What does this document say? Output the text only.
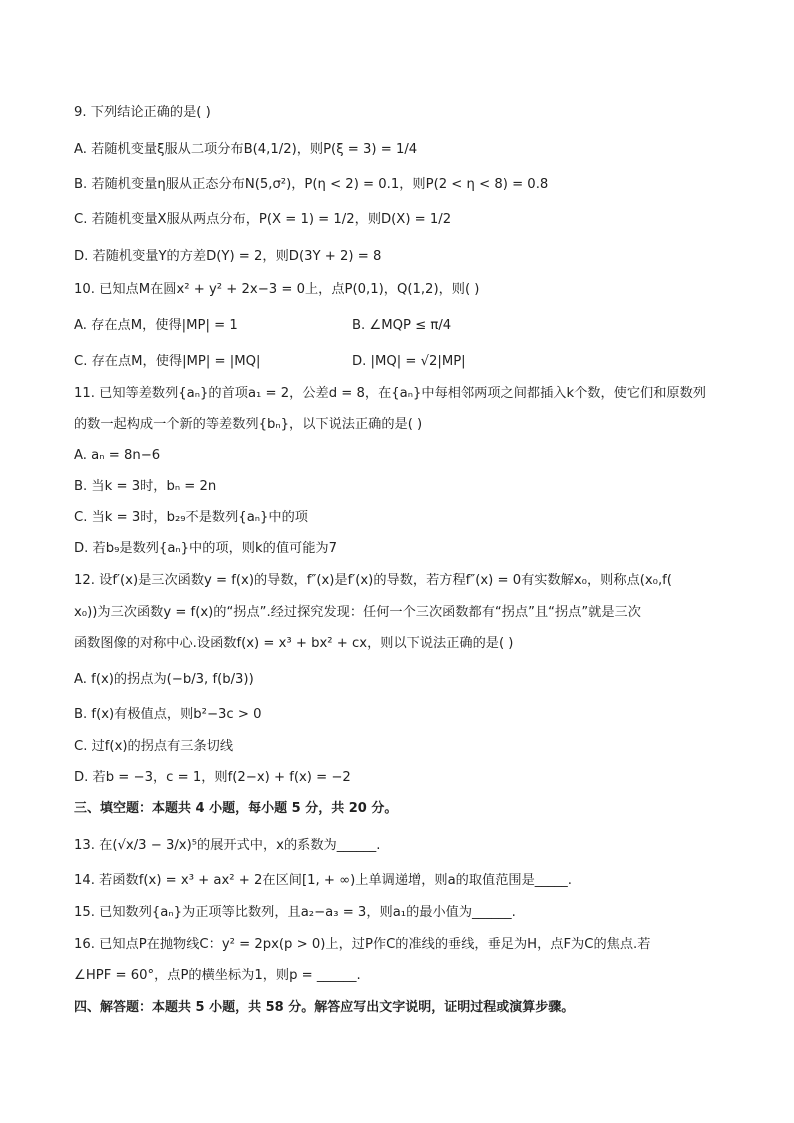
9. 下列结论正确的是( )
A. 若随机变量ξ服从二项分布B(4,1/2)，则P(ξ = 3) = 1/4
B. 若随机变量η服从正态分布N(5,σ²)，P(η < 2) = 0.1，则P(2 < η < 8) = 0.8
C. 若随机变量X服从两点分布，P(X = 1) = 1/2，则D(X) = 1/2
D. 若随机变量Y的方差D(Y) = 2，则D(3Y + 2) = 8
10. 已知点M在圆x² + y² + 2x−3 = 0上，点P(0,1)，Q(1,2)，则( )
A. 存在点M，使得|MP| = 1	B. ∠MQP ≤ π/4
C. 存在点M，使得|MP| = |MQ|	D. |MQ| = √2|MP|
11. 已知等差数列{aₙ}的首项a₁ = 2，公差d = 8，在{aₙ}中每相邻两项之间都插入k个数，使它们和原数列
的数一起构成一个新的等差数列{bₙ}，以下说法正确的是( )
A. aₙ = 8n−6
B. 当k = 3时，bₙ = 2n
C. 当k = 3时，b₂₉不是数列{aₙ}中的项
D. 若b₉是数列{aₙ}中的项，则k的值可能为7
12. 设f′(x)是三次函数y = f(x)的导数，f″(x)是f′(x)的导数，若方程f″(x) = 0有实数解x₀，则称点(x₀,f(
x₀))为三次函数y = f(x)的“拐点”.经过探究发现：任何一个三次函数都有“拐点”且“拐点”就是三次
函数图像的对称中心.设函数f(x) = x³ + bx² + cx，则以下说法正确的是( )
A. f(x)的拐点为(−b/3, f(b/3))
B. f(x)有极值点，则b²−3c > 0
C. 过f(x)的拐点有三条切线
D. 若b = −3，c = 1，则f(2−x) + f(x) = −2
三、填空题：本题共 4 小题，每小题 5 分，共 20 分。
13. 在(√x/3 − 3/x)⁵的展开式中，x的系数为______.
14. 若函数f(x) = x³ + ax² + 2在区间[1, + ∞)上单调递增，则a的取值范围是_____.
15. 已知数列{aₙ}为正项等比数列，且a₂−a₃ = 3，则a₁的最小值为______.
16. 已知点P在抛物线C：y² = 2px(p > 0)上，过P作C的准线的垂线，垂足为H，点F为C的焦点.若
∠HPF = 60°，点P的横坐标为1，则p = ______.
四、解答题：本题共 5 小题，共 58 分。解答应写出文字说明，证明过程或演算步骤。
